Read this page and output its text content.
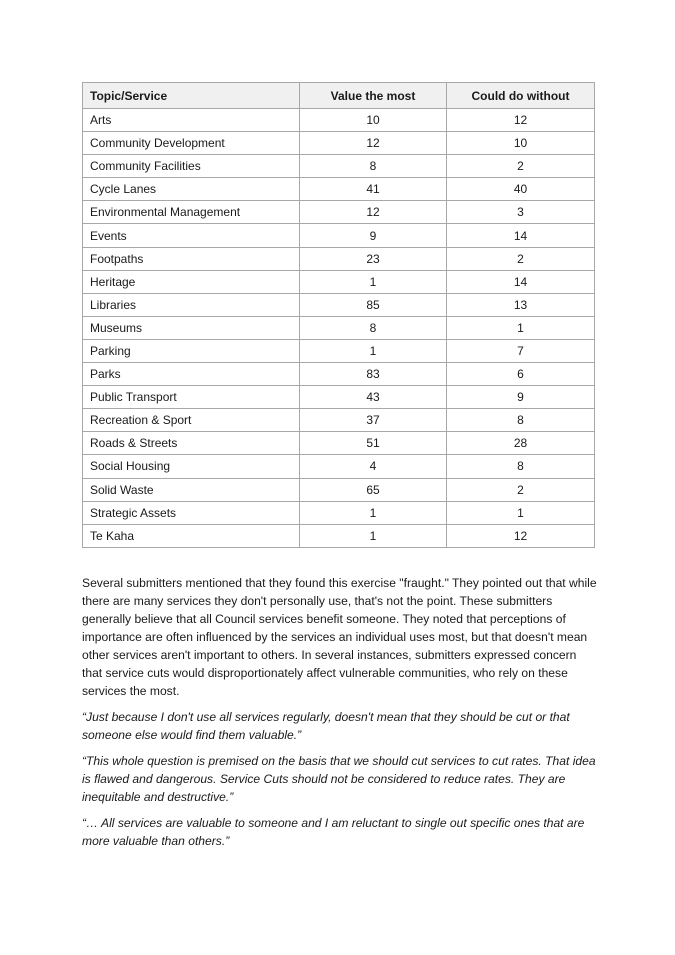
Topic/Service	Value the most	Could do without
Arts	10	12
Community Development	12	10
Community Facilities	8	2
Cycle Lanes	41	40
Environmental Management	12	3
Events	9	14
Footpaths	23	2
Heritage	1	14
Libraries	85	13
Museums	8	1
Parking	1	7
Parks	83	6
Public Transport	43	9
Recreation & Sport	37	8
Roads & Streets	51	28
Social Housing	4	8
Solid Waste	65	2
Strategic Assets	1	1
Te Kaha	1	12

Several submitters mentioned that they found this exercise "fraught." They pointed out that while there are many services they don't personally use, that's not the point. These submitters generally believe that all Council services benefit someone. They noted that perceptions of importance are often influenced by the services an individual uses most, but that doesn't mean other services aren't important to others. In several instances, submitters expressed concern that service cuts would disproportionately affect vulnerable communities, who rely on these services the most.

“Just because I don't use all services regularly, doesn't mean that they should be cut or that someone else would find them valuable.”

“This whole question is premised on the basis that we should cut services to cut rates. That idea is flawed and dangerous. Service Cuts should not be considered to reduce rates. They are inequitable and destructive.”

“… All services are valuable to someone and I am reluctant to single out specific ones that are more valuable than others.”
